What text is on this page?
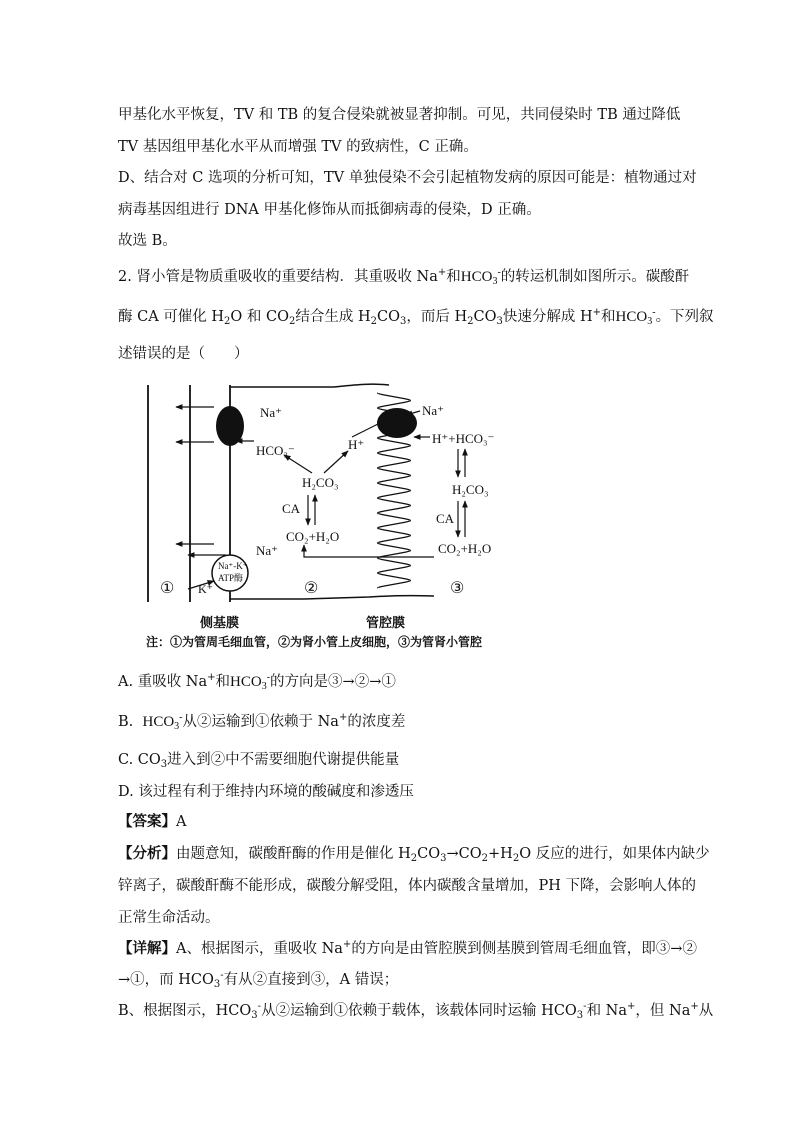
甲基化水平恢复，TV 和 TB 的复合侵染就被显著抑制。可见，共同侵染时 TB 通过降低
TV 基因组甲基化水平从而增强 TV 的致病性，C 正确。
D、结合对 C 选项的分析可知，TV 单独侵染不会引起植物发病的原因可能是：植物通过对
病毒基因组进行 DNA 甲基化修饰从而抵御病毒的侵染，D 正确。
故选 B。
2. 肾小管是物质重吸收的重要结构．其重吸收 Na+和$HCO_3^-$的转运机制如图所示。碳酸酐
酶 CA 可催化 $H_2O$ 和 $CO_2$结合生成 $H_2CO_3$，而后 $H_2CO_3$快速分解成 H+和$HCO_3^-$。下列叙
述错误的是（　　）
Na⁺-K⁺
ATP酶
Na⁺
HCO₃⁻
Na⁺
K⁺
H⁺
H₂CO₃
CA
CO₂+H₂O
Na⁺
H⁺+HCO₃⁻
H₂CO₃
CA
CO₂+H₂O
①	②	③
侧基膜	管腔膜
注：①为管周毛细血管，②为肾小管上皮细胞，③为管肾小管腔
A. 重吸收 Na+和$HCO_3^-$的方向是③→②→①
B. $HCO_3^-$从②运输到①依赖于 Na+的浓度差
C. $CO_3$进入到②中不需要细胞代谢提供能量
D. 该过程有利于维持内环境的酸碱度和渗透压
【答案】A
【分析】由题意知，碳酸酐酶的作用是催化 $H_2CO_3\to CO_2+H_2O$ 反应的进行，如果体内缺少
锌离子，碳酸酐酶不能形成，碳酸分解受阻，体内碳酸含量增加，PH 下降，会影响人体的
正常生命活动。
【详解】A、根据图示，重吸收 Na+的方向是由管腔膜到侧基膜到管周毛细血管，即③→②
→①，而 $HCO_3^-$有从②直接到③，A 错误；
B、根据图示，$HCO_3^-$从②运输到①依赖于载体，该载体同时运输 $HCO_3^-$和 Na+，但 Na+从
